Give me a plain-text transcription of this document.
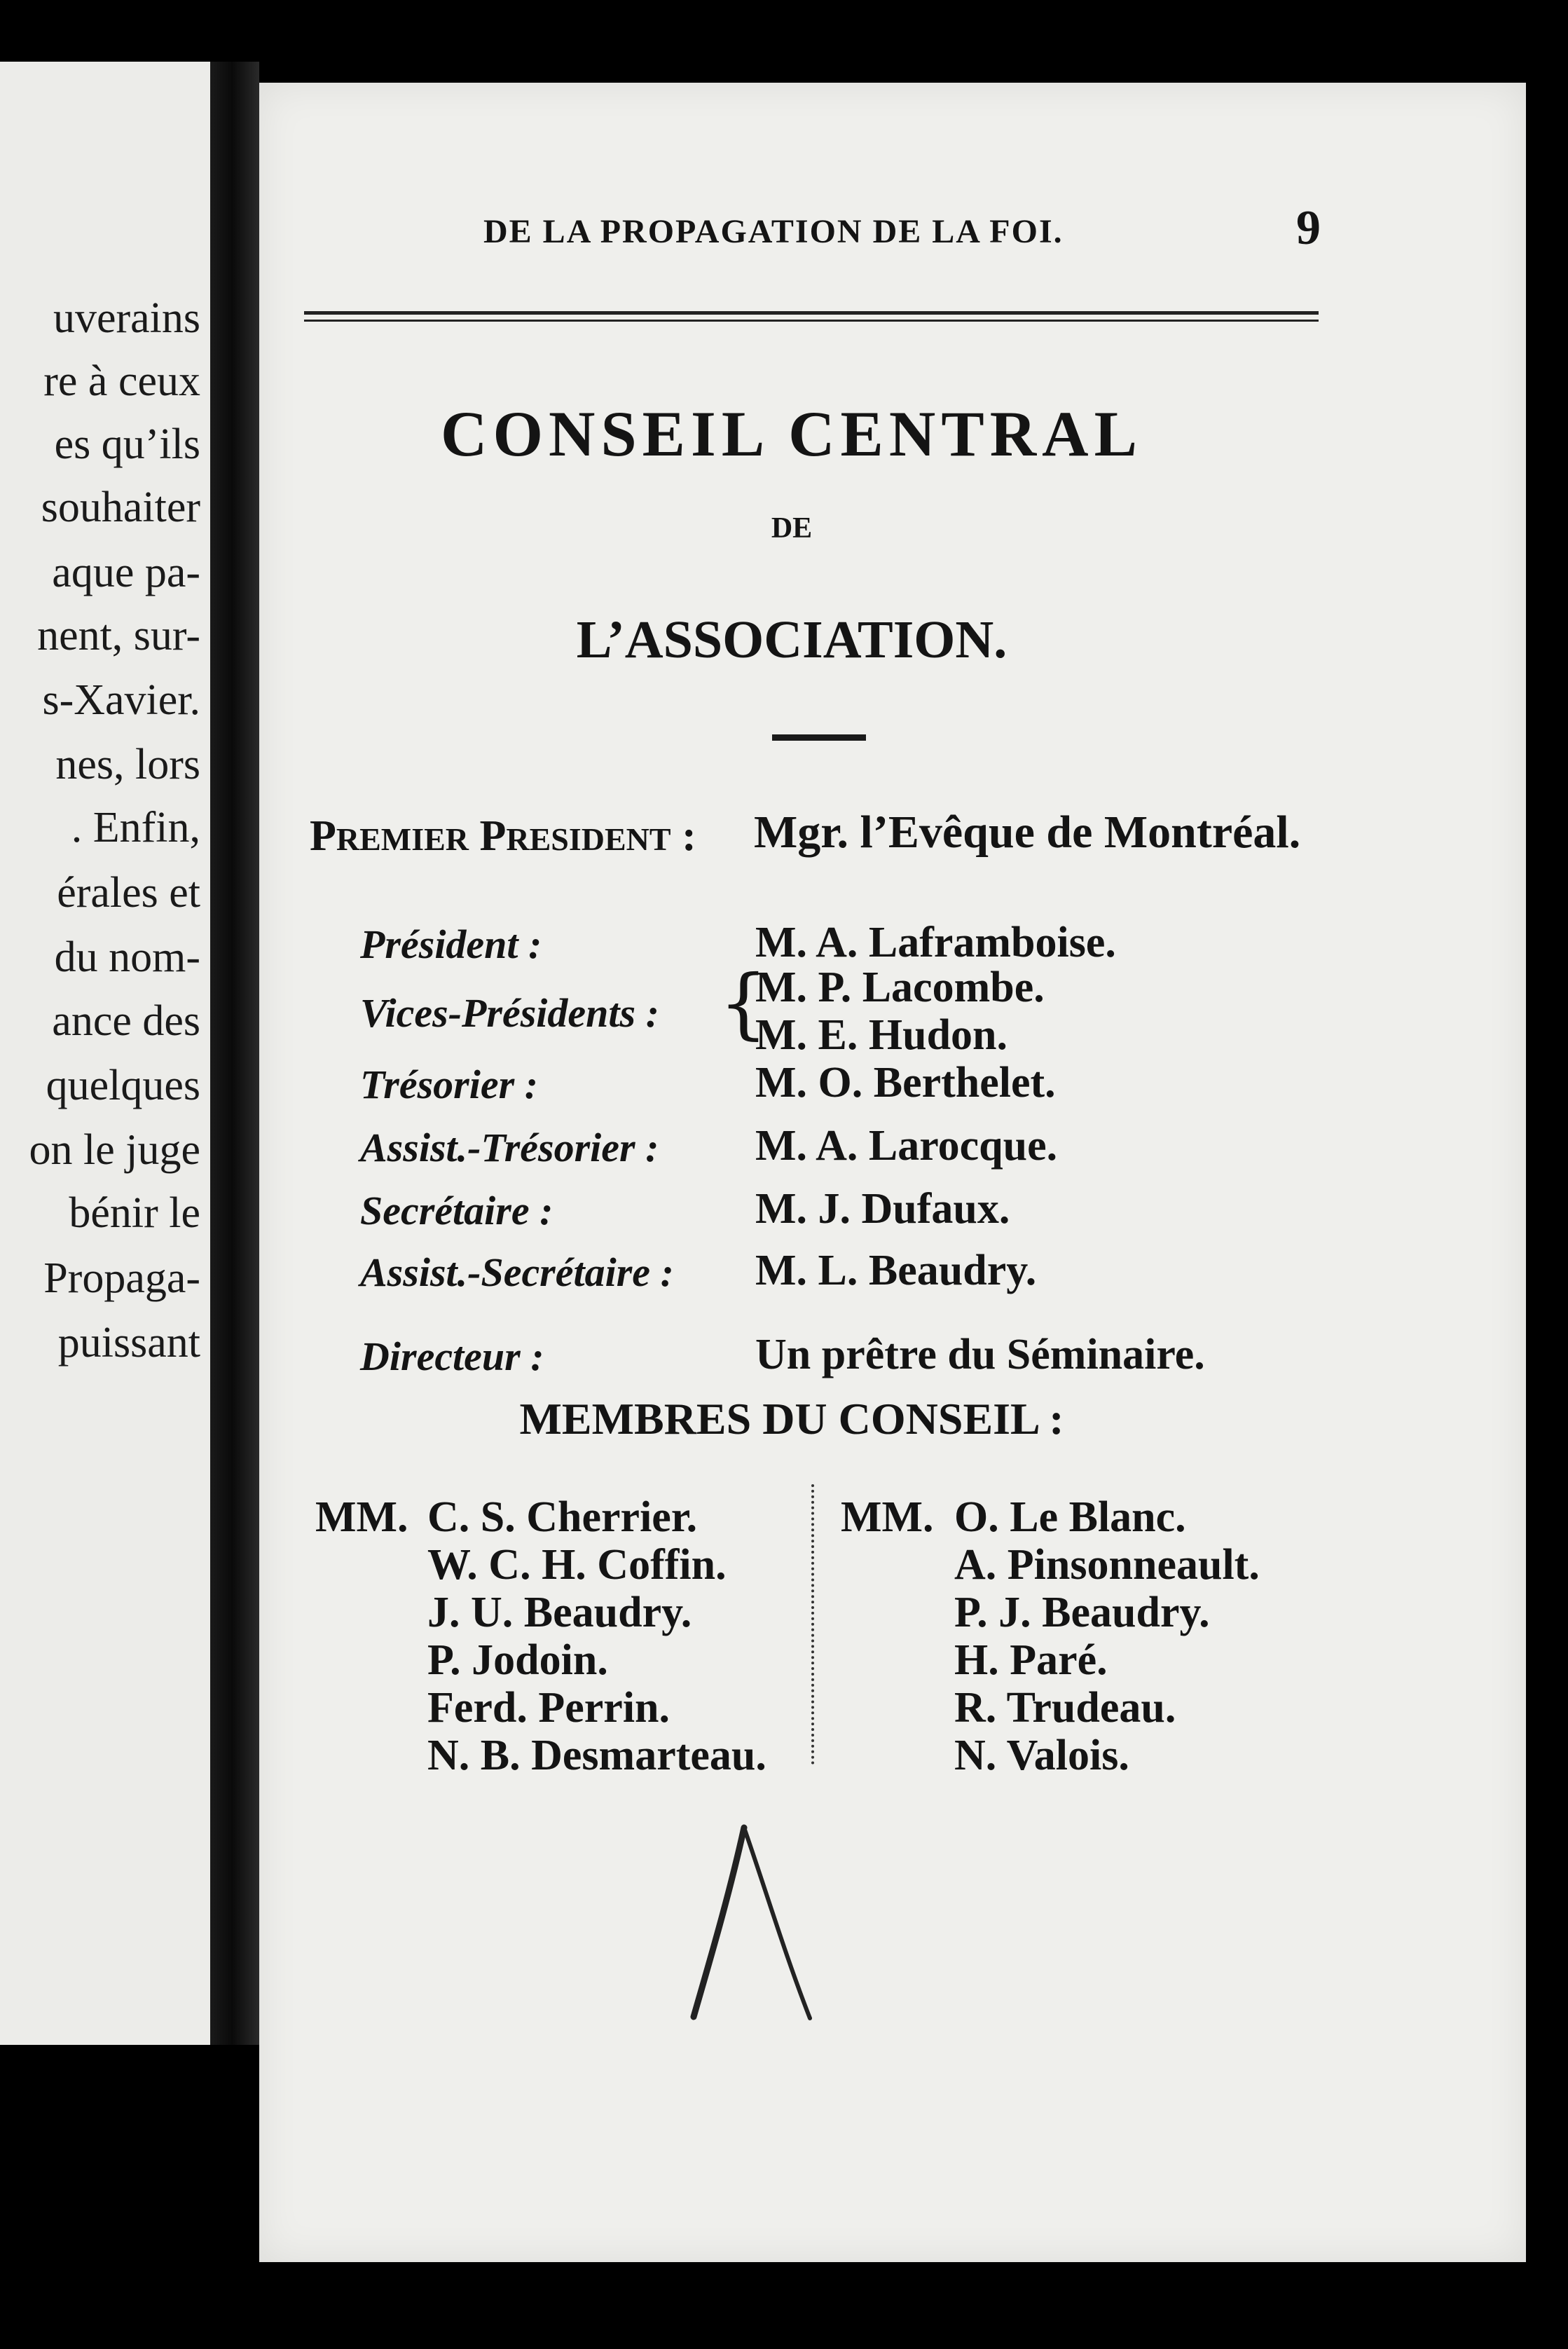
uverains
re à ceux
es qu’ils
souhaiter
aque pa-
nent, sur-
s-Xavier.
nes, lors
. Enfin,
érales et
du nom-
ance des
quelques
on le juge
bénir le
Propaga-
puissant
DE LA PROPAGATION DE LA FOI.	9
CONSEIL CENTRAL
DE
L’ASSOCIATION.
PREMIER PRESIDENT : Mgr. l’Evêque de Montréal.
Président :	M. A. Laframboise.
Vices-Présidents : {
M. P. Lacombe.
M. E. Hudon.
Trésorier :	M. O. Berthelet.
Assist.-Trésorier : M. A. Larocque.
Secrétaire :	M. J. Dufaux.
Assist.-Secrétaire : M. L. Beaudry.
Directeur :	Un prêtre du Séminaire.
MEMBRES DU CONSEIL :
MM. C. S. Cherrier.
W. C. H. Coffin.
J. U. Beaudry.
P. Jodoin.
Ferd. Perrin.
N. B. Desmarteau.
MM. O. Le Blanc.
A. Pinsonneault.
P. J. Beaudry.
H. Paré.
R. Trudeau.
N. Valois.
